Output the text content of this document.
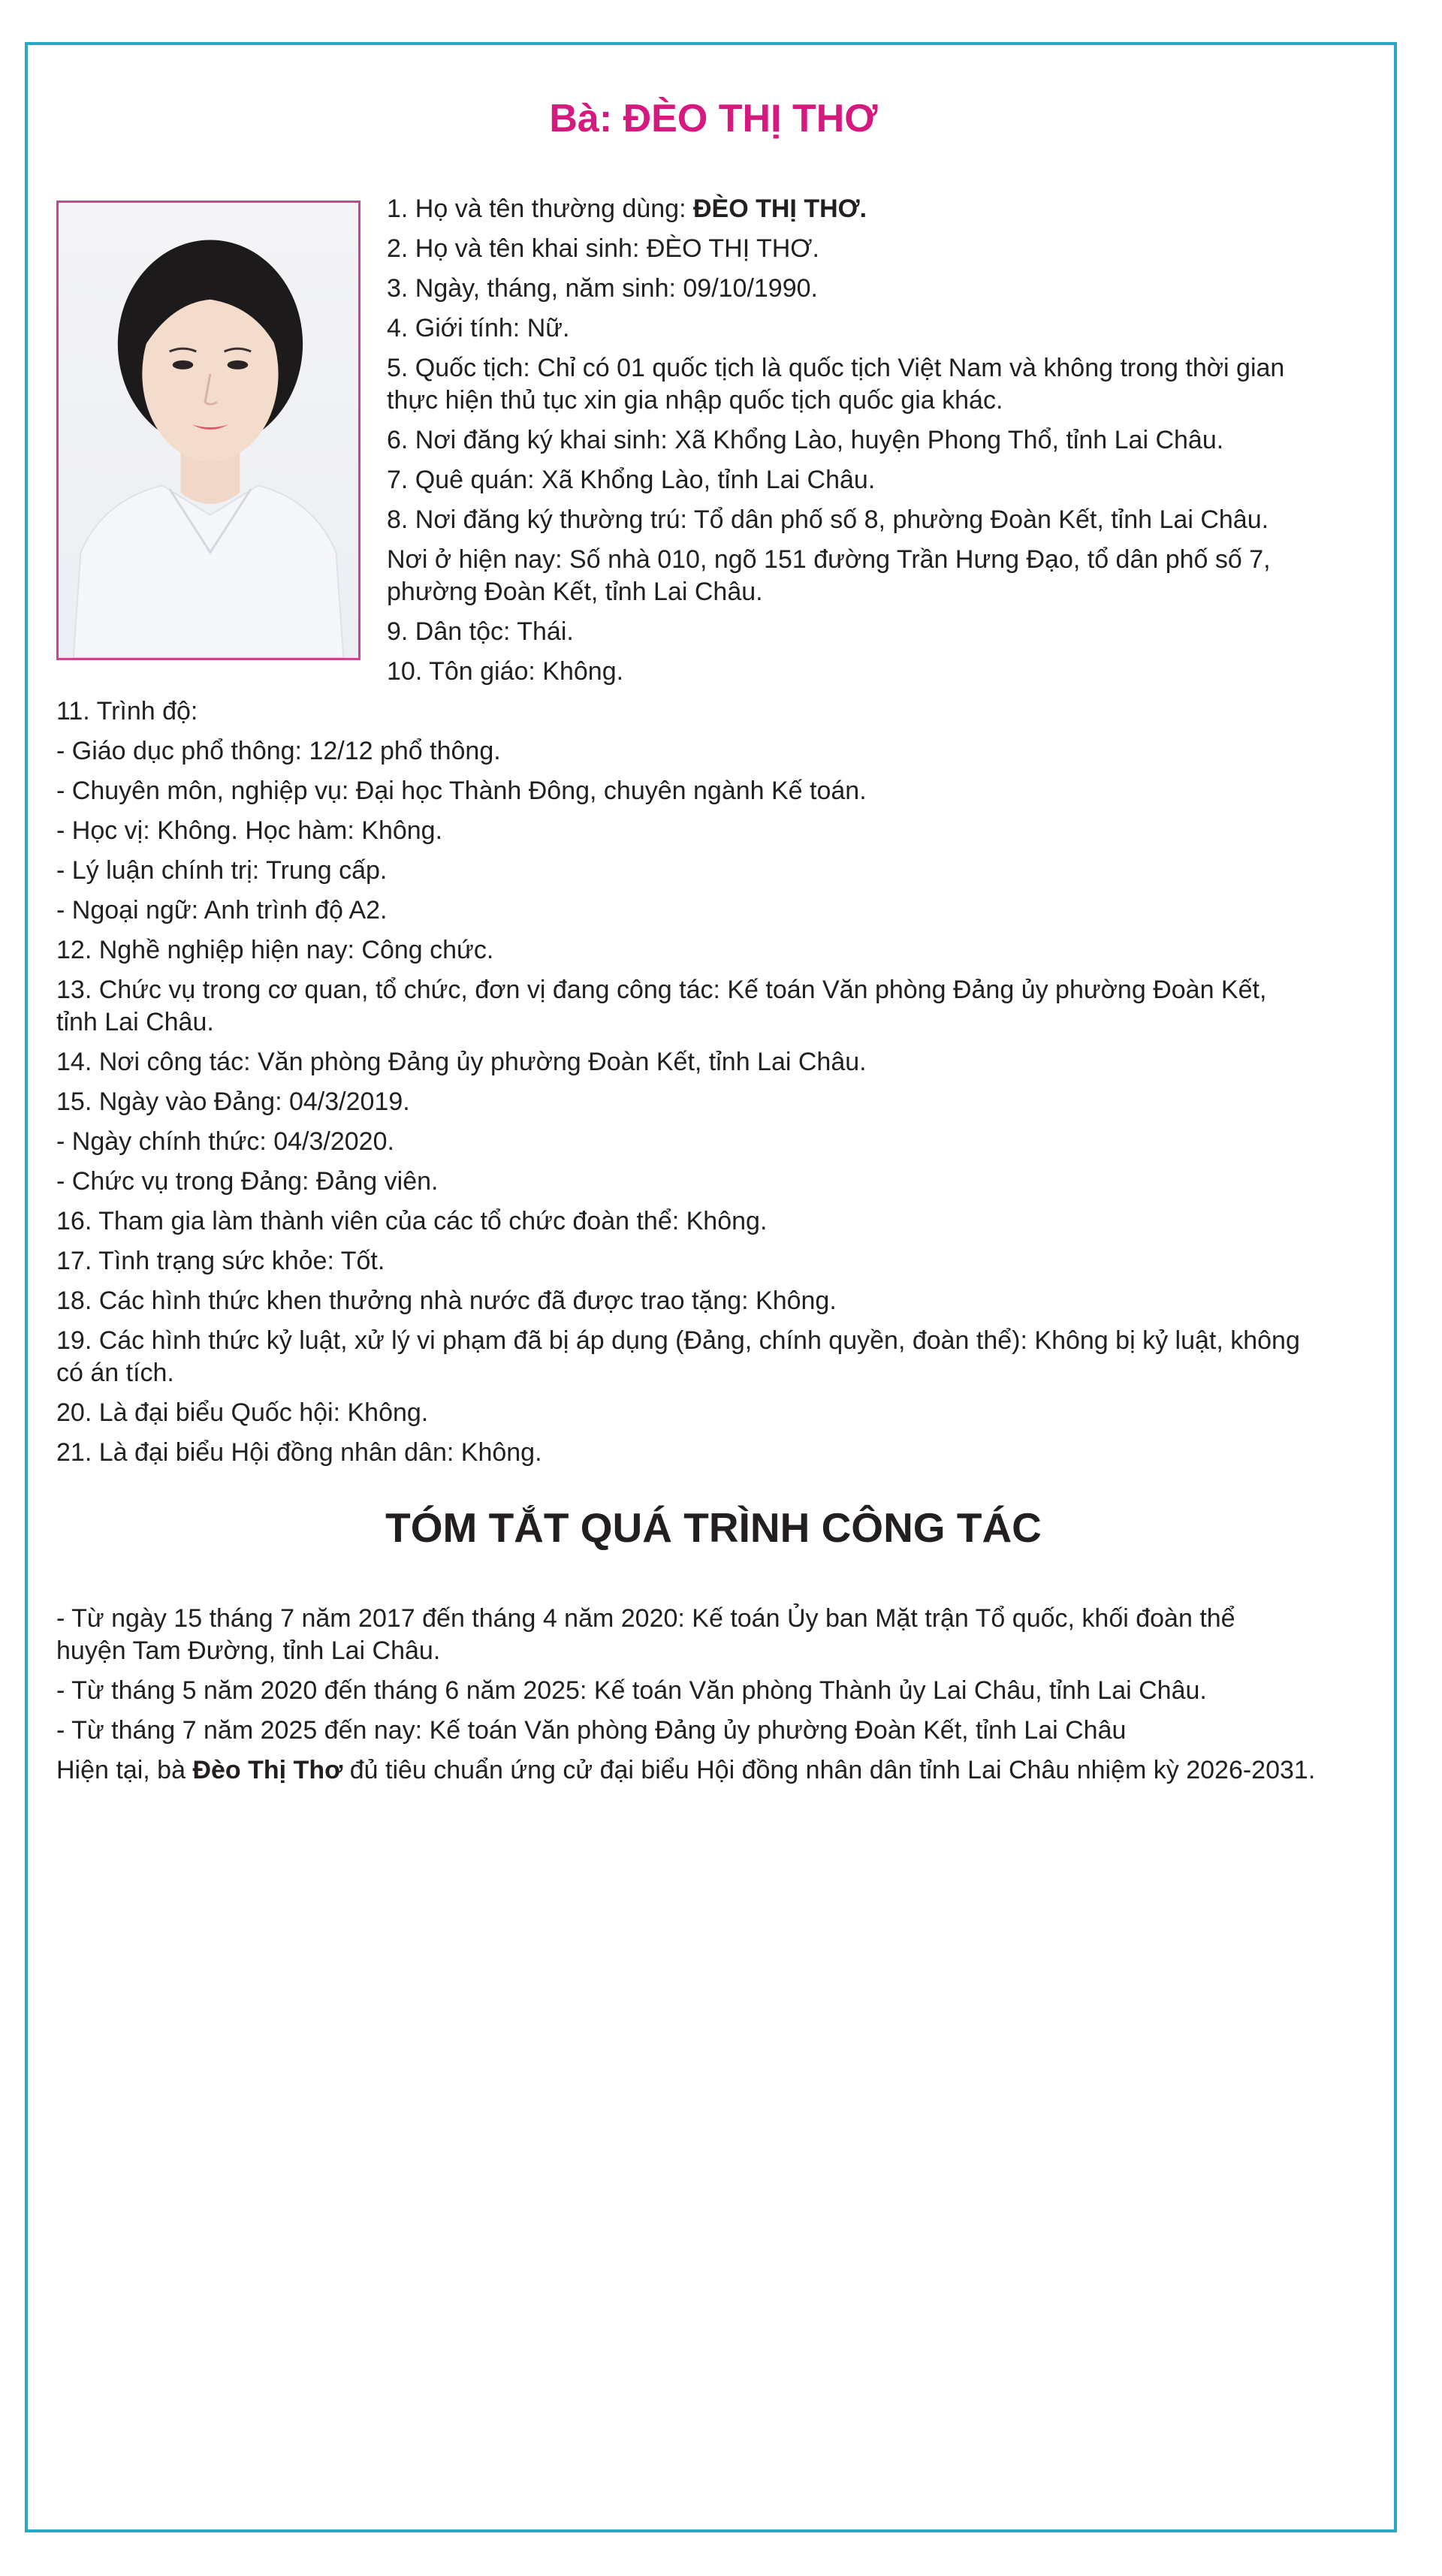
Bà: ĐÈO THỊ THƠ
1. Họ và tên thường dùng: ĐÈO THỊ THƠ.
2. Họ và tên khai sinh: ĐÈO THỊ THƠ.
3. Ngày, tháng, năm sinh: 09/10/1990.
4. Giới tính: Nữ.
5. Quốc tịch: Chỉ có 01 quốc tịch là quốc tịch Việt Nam và không trong thời gian
thực hiện thủ tục xin gia nhập quốc tịch quốc gia khác.
6. Nơi đăng ký khai sinh: Xã Khổng Lào, huyện Phong Thổ, tỉnh Lai Châu.
7. Quê quán: Xã Khổng Lào, tỉnh Lai Châu.
8. Nơi đăng ký thường trú: Tổ dân phố số 8, phường Đoàn Kết, tỉnh Lai Châu.
Nơi ở hiện nay: Số nhà 010, ngõ 151 đường Trần Hưng Đạo, tổ dân phố số 7,
phường Đoàn Kết, tỉnh Lai Châu.
9. Dân tộc: Thái.
10. Tôn giáo: Không.
11. Trình độ:
- Giáo dục phổ thông: 12/12 phổ thông.
- Chuyên môn, nghiệp vụ: Đại học Thành Đông, chuyên ngành Kế toán.
- Học vị: Không. Học hàm: Không.
- Lý luận chính trị: Trung cấp.
- Ngoại ngữ: Anh trình độ A2.
12. Nghề nghiệp hiện nay: Công chức.
13. Chức vụ trong cơ quan, tổ chức, đơn vị đang công tác: Kế toán Văn phòng Đảng ủy phường Đoàn Kết,
tỉnh Lai Châu.
14. Nơi công tác: Văn phòng Đảng ủy phường Đoàn Kết, tỉnh Lai Châu.
15. Ngày vào Đảng: 04/3/2019.
- Ngày chính thức: 04/3/2020.
- Chức vụ trong Đảng: Đảng viên.
16. Tham gia làm thành viên của các tổ chức đoàn thể: Không.
17. Tình trạng sức khỏe: Tốt.
18. Các hình thức khen thưởng nhà nước đã được trao tặng: Không.
19. Các hình thức kỷ luật, xử lý vi phạm đã bị áp dụng (Đảng, chính quyền, đoàn thể): Không bị kỷ luật, không
có án tích.
20. Là đại biểu Quốc hội: Không.
21. Là đại biểu Hội đồng nhân dân: Không.
TÓM TẮT QUÁ TRÌNH CÔNG TÁC
- Từ ngày 15 tháng 7 năm 2017 đến tháng 4 năm 2020: Kế toán Ủy ban Mặt trận Tổ quốc, khối đoàn thể
huyện Tam Đường, tỉnh Lai Châu.
- Từ tháng 5 năm 2020 đến tháng 6 năm 2025: Kế toán Văn phòng Thành ủy Lai Châu, tỉnh Lai Châu.
- Từ tháng 7 năm 2025 đến nay: Kế toán Văn phòng Đảng ủy phường Đoàn Kết, tỉnh Lai Châu
Hiện tại, bà Đèo Thị Thơ đủ tiêu chuẩn ứng cử đại biểu Hội đồng nhân dân tỉnh Lai Châu nhiệm kỳ 2026-2031.
